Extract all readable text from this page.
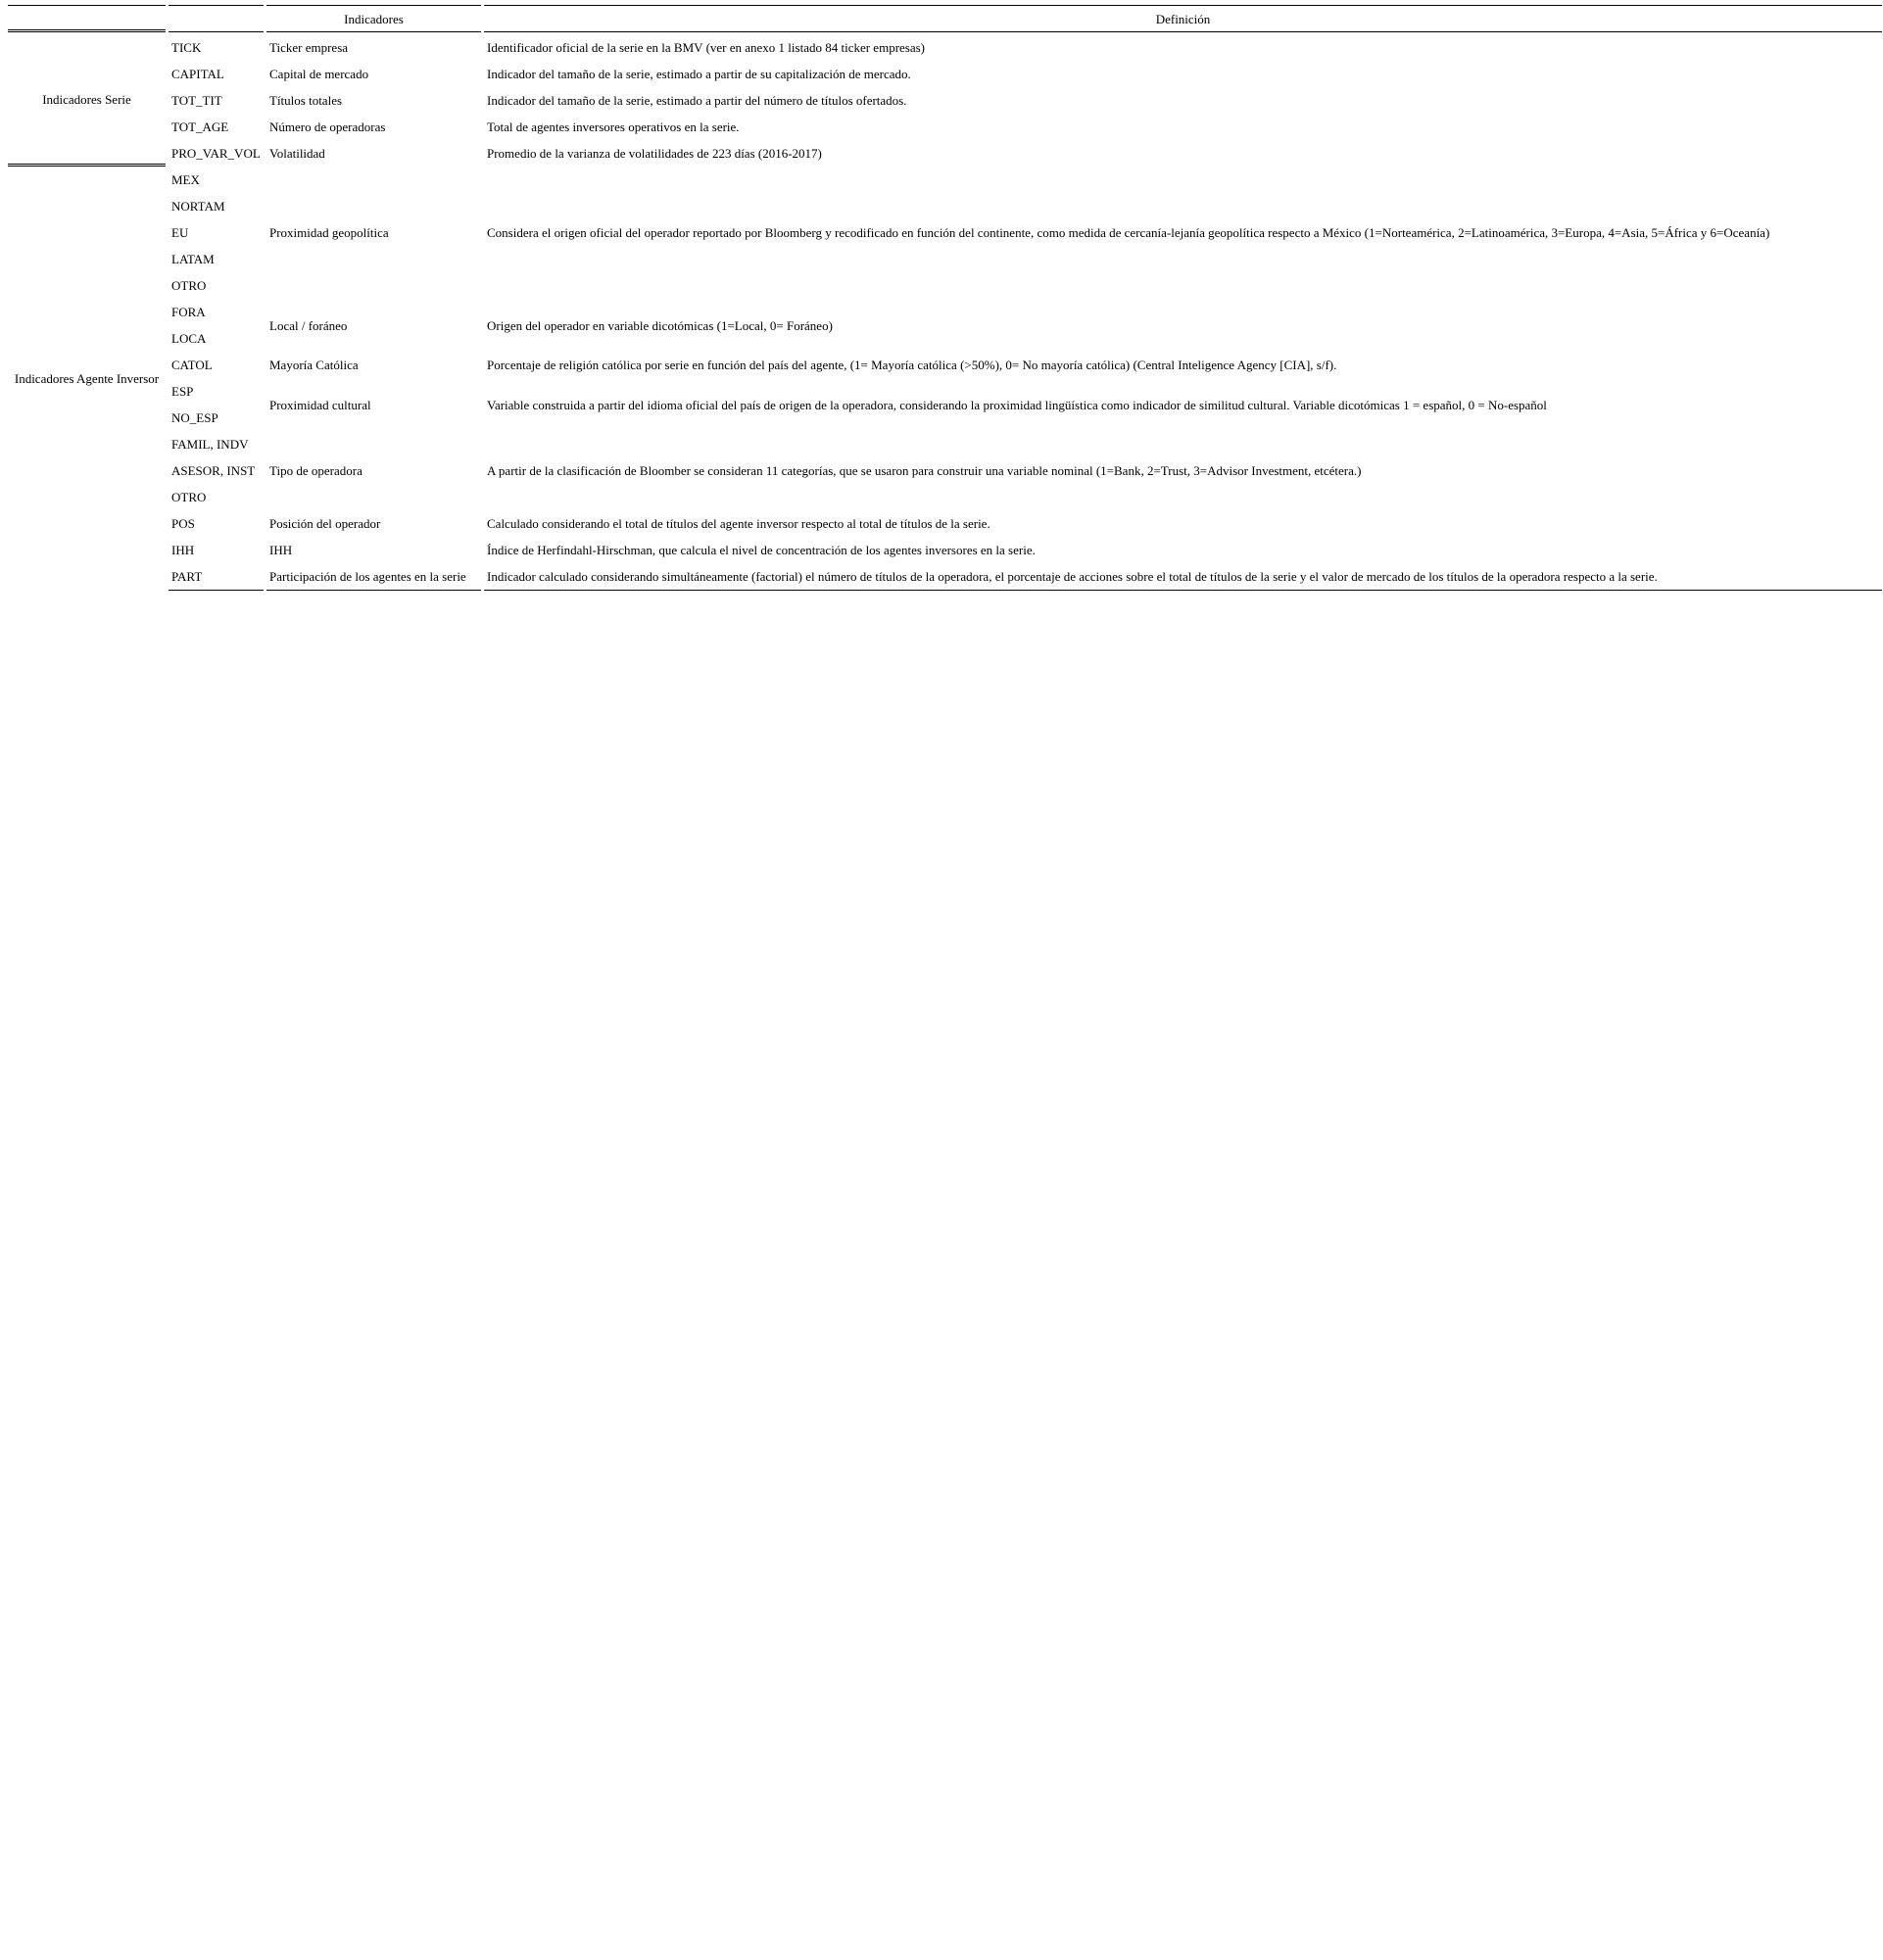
		Indicadores	Definición
Indicadores Serie	TICK	Ticker empresa	Identificador oficial de la serie en la BMV (ver en anexo 1 listado 84 ticker empresas)
	CAPITAL	Capital de mercado	Indicador del tamaño de la serie, estimado a partir de su capitalización de mercado.
	TOT_TIT	Títulos totales	Indicador del tamaño de la serie, estimado a partir del número de títulos ofertados.
	TOT_AGE	Número de operadoras	Total de agentes inversores operativos en la serie.
	PRO_VAR_VOL	Volatilidad	Promedio de la varianza de volatilidades de 223 días (2016-2017)
Indicadores Agente Inversor	MEX	Proximidad geopolítica	Considera el origen oficial del operador reportado por Bloomberg y recodificado en función del continente, como medida de cercanía-lejanía geopolítica respecto a México (1=Norteamérica, 2=Latinoamérica, 3=Europa, 4=Asia, 5=África y 6=Oceanía)
	NORTAM		
	EU		
	LATAM		
	OTRO		
	FORA	Local / foráneo	Origen del operador en variable dicotómicas (1=Local, 0= Foráneo)
	LOCA		
	CATOL	Mayoría Católica	Porcentaje de religión católica por serie en función del país del agente, (1= Mayoría católica (>50%), 0= No mayoría católica) (Central Inteligence Agency [CIA], s/f).
	ESP	Proximidad cultural	Variable construida a partir del idioma oficial del país de origen de la operadora, considerando la proximidad lingüística como indicador de similitud cultural. Variable dicotómicas 1 = español, 0 = No-español
	NO_ESP		
	FAMIL, INDV	Tipo de operadora	A partir de la clasificación de Bloomber se consideran 11 categorías, que se usaron para construir una variable nominal (1=Bank, 2=Trust, 3=Advisor Investment, etcétera.)
	ASESOR, INST		
	OTRO		
	POS	Posición del operador	Calculado considerando el total de títulos del agente inversor respecto al total de títulos de la serie.
	IHH	IHH	Índice de Herfindahl-Hirschman, que calcula el nivel de concentración de los agentes inversores en la serie.
	PART	Participación de los agentes en la serie	Indicador calculado considerando simultáneamente (factorial) el número de títulos de la operadora, el porcentaje de acciones sobre el total de títulos de la serie y el valor de mercado de los títulos de la operadora respecto a la serie.
